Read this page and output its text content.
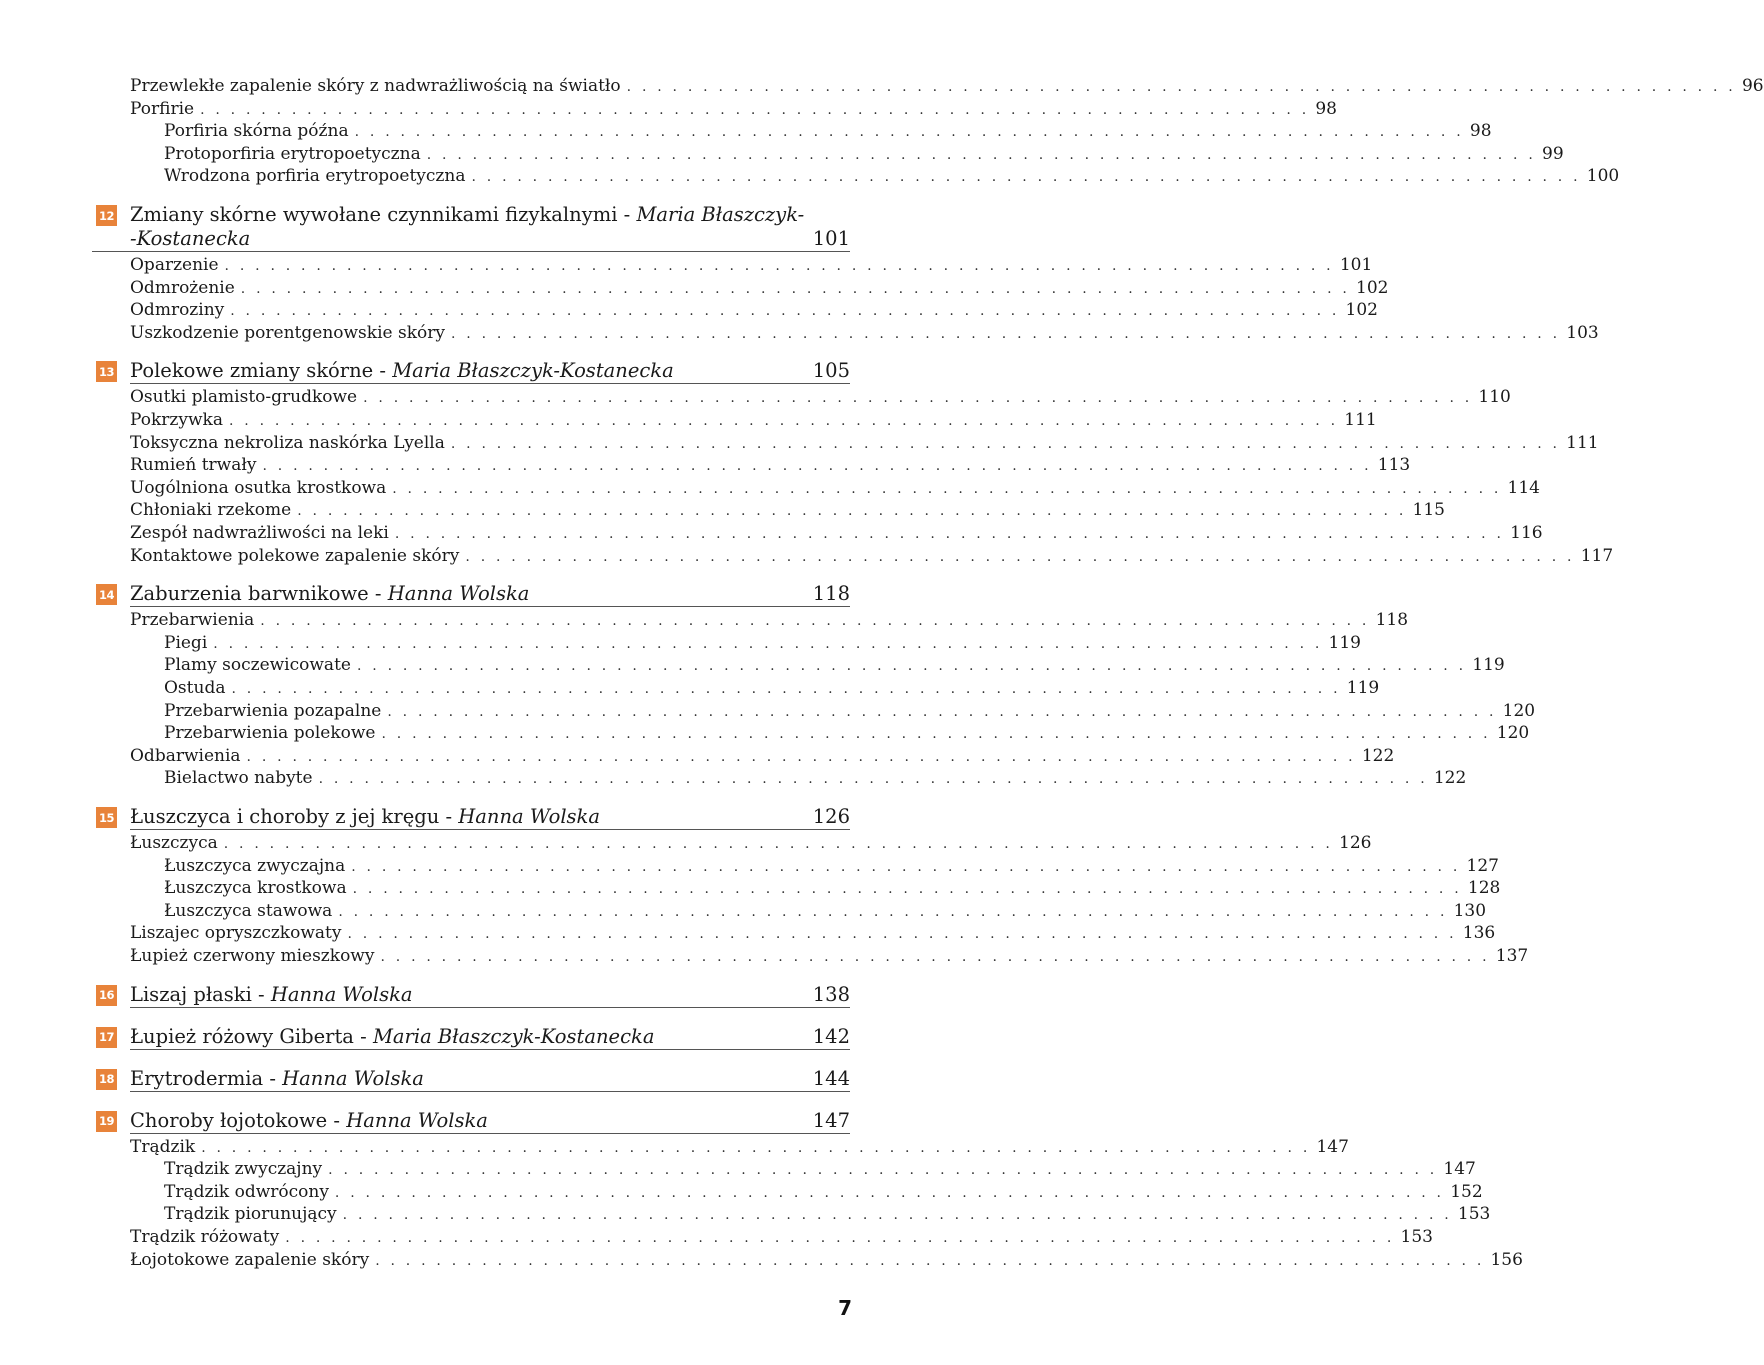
Przewlekłe zapalenie skóry z nadwrażliwością na światło . . . . . . . . . . . . . . . . . . . . . . . . . . . . . . . . . . . . . . . . . . . . . . . . . . . . . . . . . . . . . . . . . . . . . . . . . 96
Porfirie . . . . . . . . . . . . . . . . . . . . . . . . . . . . . . . . . . . . . . . . . . . . . . . . . . . . . . . . . . . . . . . . . . . . . . . . . 98
Porfiria skórna późna . . . . . . . . . . . . . . . . . . . . . . . . . . . . . . . . . . . . . . . . . . . . . . . . . . . . . . . . . . . . . . . . . . . . . . . . . 98
Protoporfiria erytropoetyczna . . . . . . . . . . . . . . . . . . . . . . . . . . . . . . . . . . . . . . . . . . . . . . . . . . . . . . . . . . . . . . . . . . . . . . . . . 99
Wrodzona porfiria erytropoetyczna . . . . . . . . . . . . . . . . . . . . . . . . . . . . . . . . . . . . . . . . . . . . . . . . . . . . . . . . . . . . . . . . . . . . . . . . . 100
12 Zmiany skórne wywołane czynnikami fizykalnymi - Maria Błaszczyk-
-Kostanecka	101
Oparzenie . . . . . . . . . . . . . . . . . . . . . . . . . . . . . . . . . . . . . . . . . . . . . . . . . . . . . . . . . . . . . . . . . . . . . . . . . 101
Odmrożenie . . . . . . . . . . . . . . . . . . . . . . . . . . . . . . . . . . . . . . . . . . . . . . . . . . . . . . . . . . . . . . . . . . . . . . . . . 102
Odmroziny . . . . . . . . . . . . . . . . . . . . . . . . . . . . . . . . . . . . . . . . . . . . . . . . . . . . . . . . . . . . . . . . . . . . . . . . . 102
Uszkodzenie porentgenowskie skóry . . . . . . . . . . . . . . . . . . . . . . . . . . . . . . . . . . . . . . . . . . . . . . . . . . . . . . . . . . . . . . . . . . . . . . . . . 103
13 Polekowe zmiany skórne - Maria Błaszczyk-Kostanecka	105
Osutki plamisto-grudkowe . . . . . . . . . . . . . . . . . . . . . . . . . . . . . . . . . . . . . . . . . . . . . . . . . . . . . . . . . . . . . . . . . . . . . . . . . 110
Pokrzywka . . . . . . . . . . . . . . . . . . . . . . . . . . . . . . . . . . . . . . . . . . . . . . . . . . . . . . . . . . . . . . . . . . . . . . . . . 111
Toksyczna nekroliza naskórka Lyella . . . . . . . . . . . . . . . . . . . . . . . . . . . . . . . . . . . . . . . . . . . . . . . . . . . . . . . . . . . . . . . . . . . . . . . . . 111
Rumień trwały . . . . . . . . . . . . . . . . . . . . . . . . . . . . . . . . . . . . . . . . . . . . . . . . . . . . . . . . . . . . . . . . . . . . . . . . . 113
Uogólniona osutka krostkowa . . . . . . . . . . . . . . . . . . . . . . . . . . . . . . . . . . . . . . . . . . . . . . . . . . . . . . . . . . . . . . . . . . . . . . . . . 114
Chłoniaki rzekome . . . . . . . . . . . . . . . . . . . . . . . . . . . . . . . . . . . . . . . . . . . . . . . . . . . . . . . . . . . . . . . . . . . . . . . . . 115
Zespół nadwrażliwości na leki . . . . . . . . . . . . . . . . . . . . . . . . . . . . . . . . . . . . . . . . . . . . . . . . . . . . . . . . . . . . . . . . . . . . . . . . . 116
Kontaktowe polekowe zapalenie skóry . . . . . . . . . . . . . . . . . . . . . . . . . . . . . . . . . . . . . . . . . . . . . . . . . . . . . . . . . . . . . . . . . . . . . . . . . 117
14 Zaburzenia barwnikowe - Hanna Wolska	118
Przebarwienia . . . . . . . . . . . . . . . . . . . . . . . . . . . . . . . . . . . . . . . . . . . . . . . . . . . . . . . . . . . . . . . . . . . . . . . . . 118
Piegi . . . . . . . . . . . . . . . . . . . . . . . . . . . . . . . . . . . . . . . . . . . . . . . . . . . . . . . . . . . . . . . . . . . . . . . . . 119
Plamy soczewicowate . . . . . . . . . . . . . . . . . . . . . . . . . . . . . . . . . . . . . . . . . . . . . . . . . . . . . . . . . . . . . . . . . . . . . . . . . 119
Ostuda . . . . . . . . . . . . . . . . . . . . . . . . . . . . . . . . . . . . . . . . . . . . . . . . . . . . . . . . . . . . . . . . . . . . . . . . . 119
Przebarwienia pozapalne . . . . . . . . . . . . . . . . . . . . . . . . . . . . . . . . . . . . . . . . . . . . . . . . . . . . . . . . . . . . . . . . . . . . . . . . . 120
Przebarwienia polekowe . . . . . . . . . . . . . . . . . . . . . . . . . . . . . . . . . . . . . . . . . . . . . . . . . . . . . . . . . . . . . . . . . . . . . . . . . 120
Odbarwienia . . . . . . . . . . . . . . . . . . . . . . . . . . . . . . . . . . . . . . . . . . . . . . . . . . . . . . . . . . . . . . . . . . . . . . . . . 122
Bielactwo nabyte . . . . . . . . . . . . . . . . . . . . . . . . . . . . . . . . . . . . . . . . . . . . . . . . . . . . . . . . . . . . . . . . . . . . . . . . . 122
15 Łuszczyca i choroby z jej kręgu - Hanna Wolska	126
Łuszczyca . . . . . . . . . . . . . . . . . . . . . . . . . . . . . . . . . . . . . . . . . . . . . . . . . . . . . . . . . . . . . . . . . . . . . . . . . 126
Łuszczyca zwyczajna . . . . . . . . . . . . . . . . . . . . . . . . . . . . . . . . . . . . . . . . . . . . . . . . . . . . . . . . . . . . . . . . . . . . . . . . . 127
Łuszczyca krostkowa . . . . . . . . . . . . . . . . . . . . . . . . . . . . . . . . . . . . . . . . . . . . . . . . . . . . . . . . . . . . . . . . . . . . . . . . . 128
Łuszczyca stawowa . . . . . . . . . . . . . . . . . . . . . . . . . . . . . . . . . . . . . . . . . . . . . . . . . . . . . . . . . . . . . . . . . . . . . . . . . 130
Liszajec opryszczkowaty . . . . . . . . . . . . . . . . . . . . . . . . . . . . . . . . . . . . . . . . . . . . . . . . . . . . . . . . . . . . . . . . . . . . . . . . . 136
Łupież czerwony mieszkowy . . . . . . . . . . . . . . . . . . . . . . . . . . . . . . . . . . . . . . . . . . . . . . . . . . . . . . . . . . . . . . . . . . . . . . . . . 137
16 Liszaj płaski - Hanna Wolska	138
17 Łupież różowy Giberta - Maria Błaszczyk-Kostanecka	142
18 Erytrodermia - Hanna Wolska	144
19 Choroby łojotokowe - Hanna Wolska	147
Trądzik . . . . . . . . . . . . . . . . . . . . . . . . . . . . . . . . . . . . . . . . . . . . . . . . . . . . . . . . . . . . . . . . . . . . . . . . . 147
Trądzik zwyczajny . . . . . . . . . . . . . . . . . . . . . . . . . . . . . . . . . . . . . . . . . . . . . . . . . . . . . . . . . . . . . . . . . . . . . . . . . 147
Trądzik odwrócony . . . . . . . . . . . . . . . . . . . . . . . . . . . . . . . . . . . . . . . . . . . . . . . . . . . . . . . . . . . . . . . . . . . . . . . . . 152
Trądzik piorunujący . . . . . . . . . . . . . . . . . . . . . . . . . . . . . . . . . . . . . . . . . . . . . . . . . . . . . . . . . . . . . . . . . . . . . . . . . 153
Trądzik różowaty . . . . . . . . . . . . . . . . . . . . . . . . . . . . . . . . . . . . . . . . . . . . . . . . . . . . . . . . . . . . . . . . . . . . . . . . . 153
Łojotokowe zapalenie skóry . . . . . . . . . . . . . . . . . . . . . . . . . . . . . . . . . . . . . . . . . . . . . . . . . . . . . . . . . . . . . . . . . . . . . . . . . 156
7
